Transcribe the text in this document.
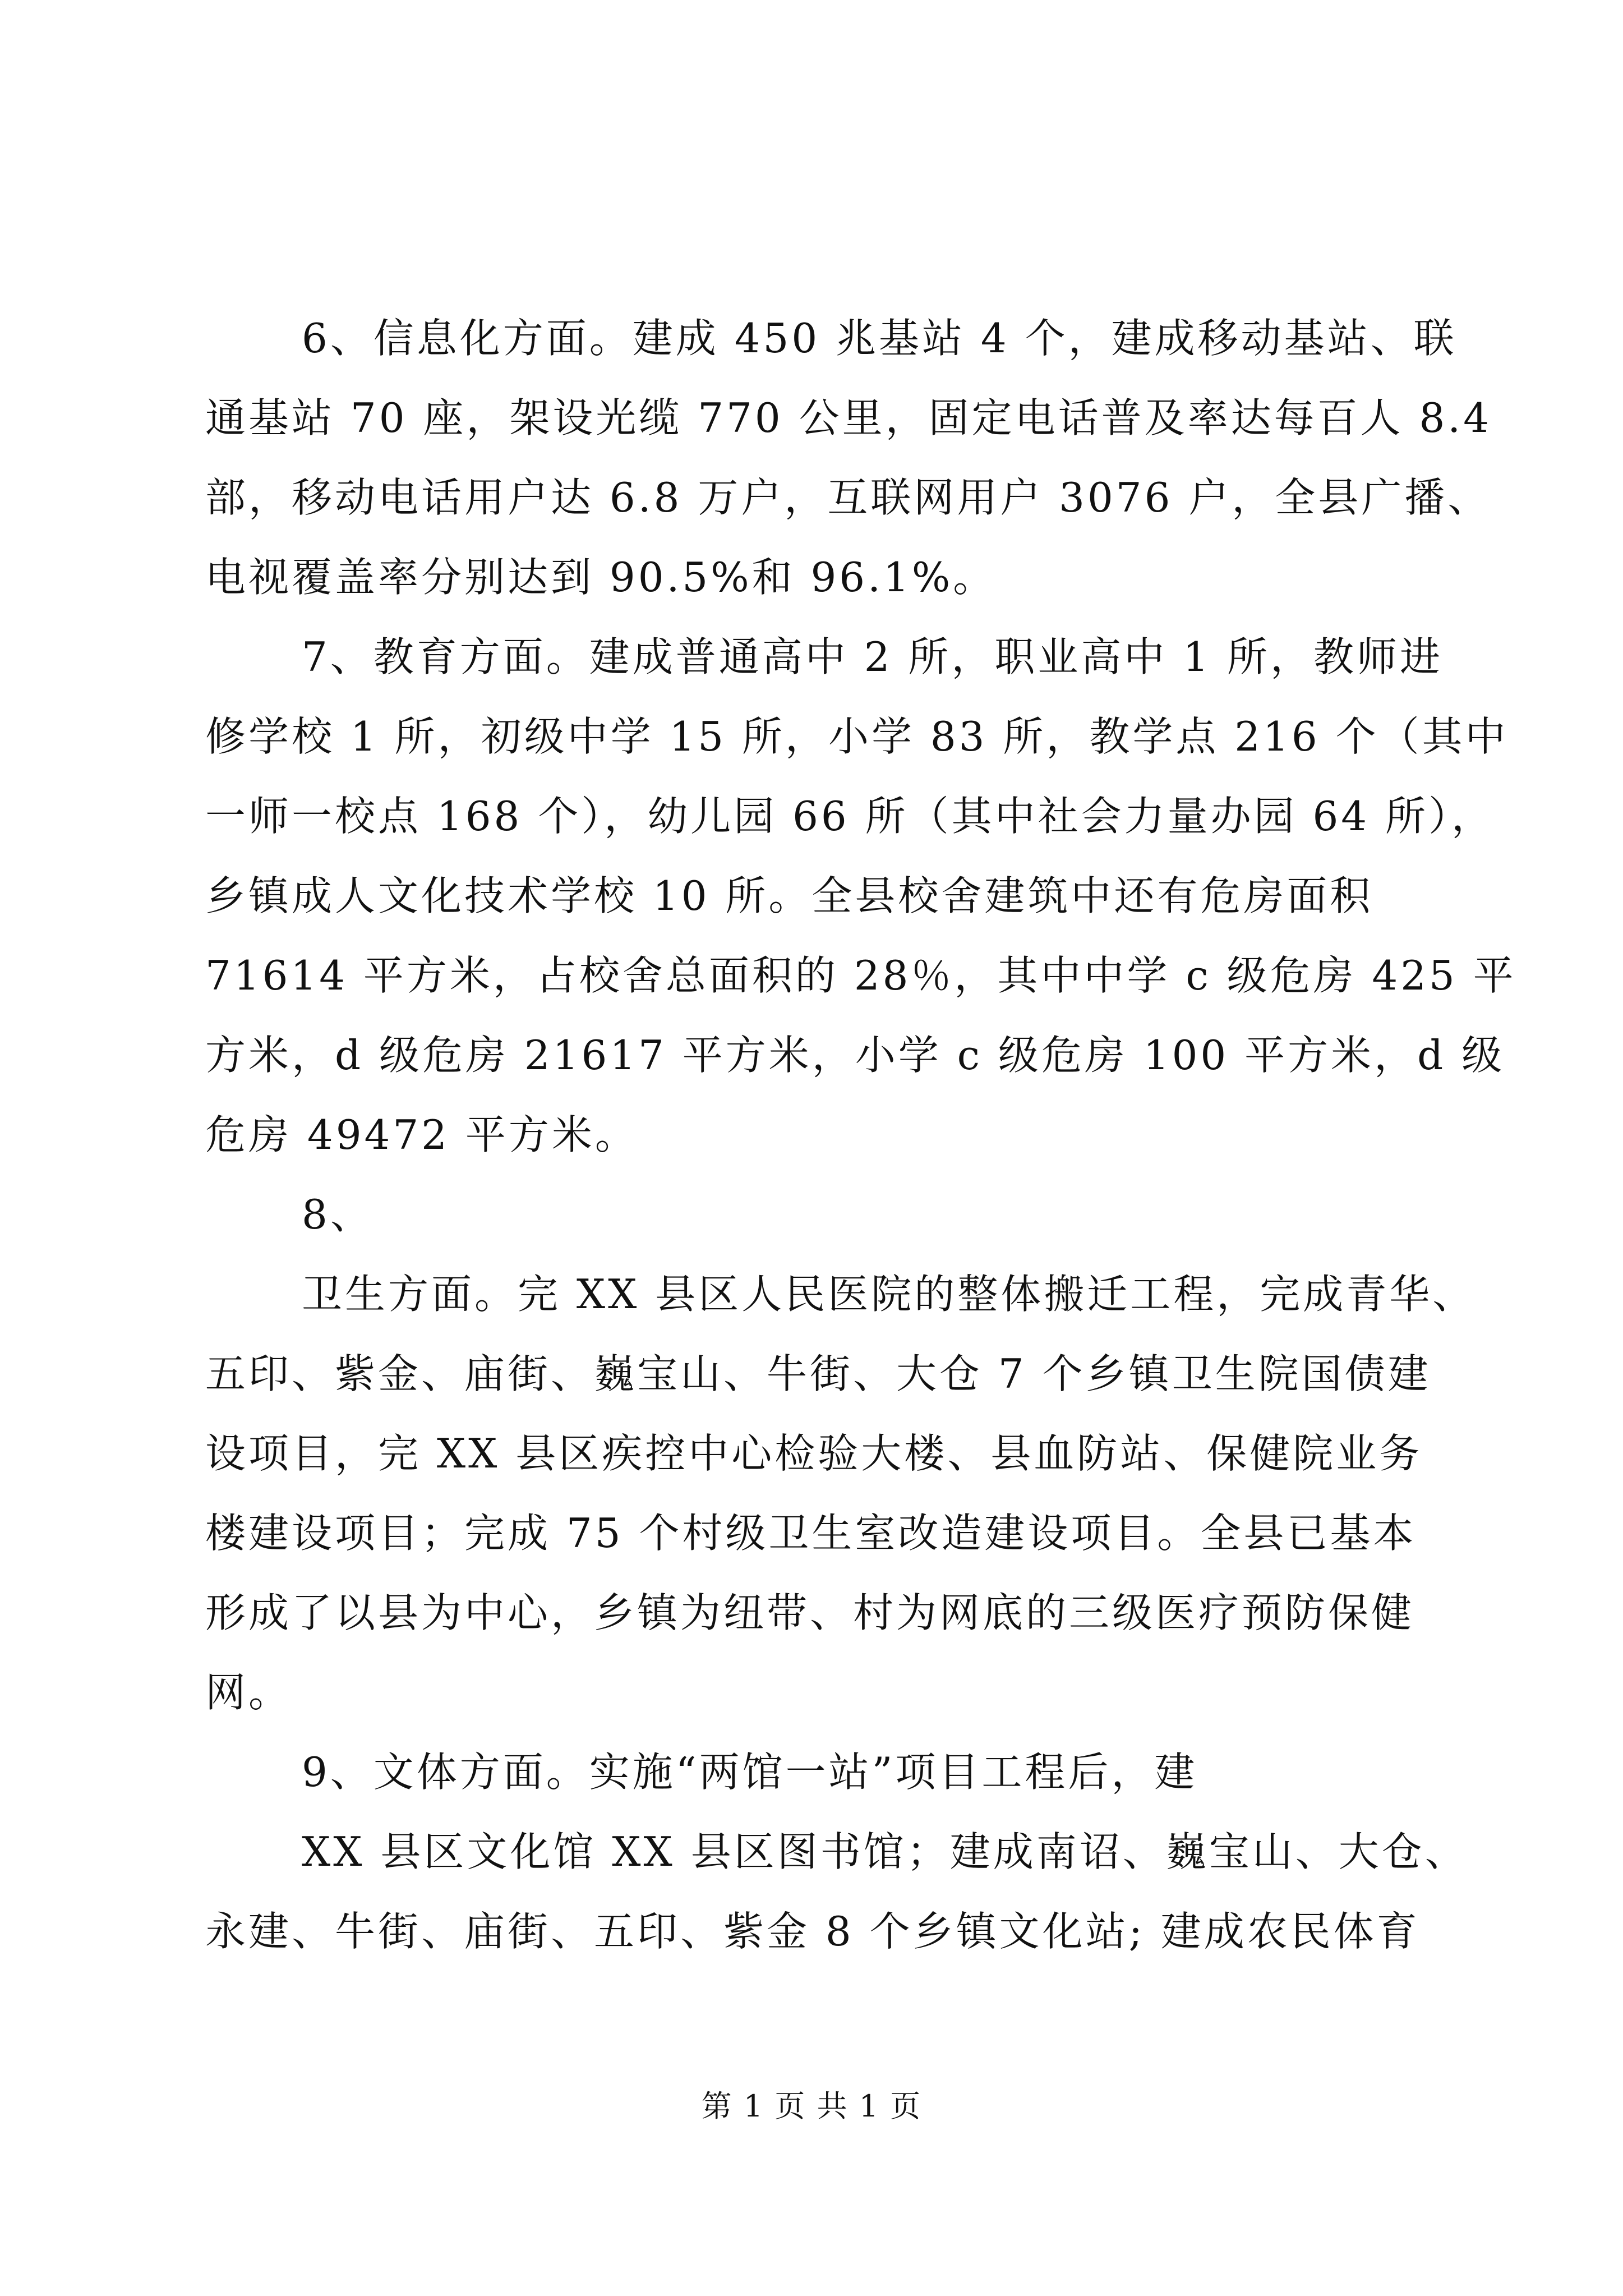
6、信息化方面。建成 450 兆基站 4 个，建成移动基站、联
通基站 70 座，架设光缆 770 公里，固定电话普及率达每百人 8.4
部，移动电话用户达 6.8 万户，互联网用户 3076 户，全县广播、
电视覆盖率分别达到 90.5%和 96.1%。
7、教育方面。建成普通高中 2 所，职业高中 1 所，教师进
修学校 1 所，初级中学 15 所，小学 83 所，教学点 216 个（其中
一师一校点 168 个），幼儿园 66 所（其中社会力量办园 64 所），
乡镇成人文化技术学校 10 所。全县校舍建筑中还有危房面积
71614 平方米，占校舍总面积的 28％，其中中学 c 级危房 425 平
方米，d 级危房 21617 平方米，小学 c 级危房 100 平方米，d 级
危房 49472 平方米。
8、
卫生方面。完 XX 县区人民医院的整体搬迁工程，完成青华、
五印、紫金、庙街、巍宝山、牛街、大仓 7 个乡镇卫生院国债建
设项目，完 XX 县区疾控中心检验大楼、县血防站、保健院业务
楼建设项目；完成 75 个村级卫生室改造建设项目。全县已基本
形成了以县为中心，乡镇为纽带、村为网底的三级医疗预防保健
网。
9、文体方面。实施“两馆一站”项目工程后，建
XX 县区文化馆 XX 县区图书馆；建成南诏、巍宝山、大仓、
永建、牛街、庙街、五印、紫金 8 个乡镇文化站; 建成农民体育
第 1 页 共 1 页
